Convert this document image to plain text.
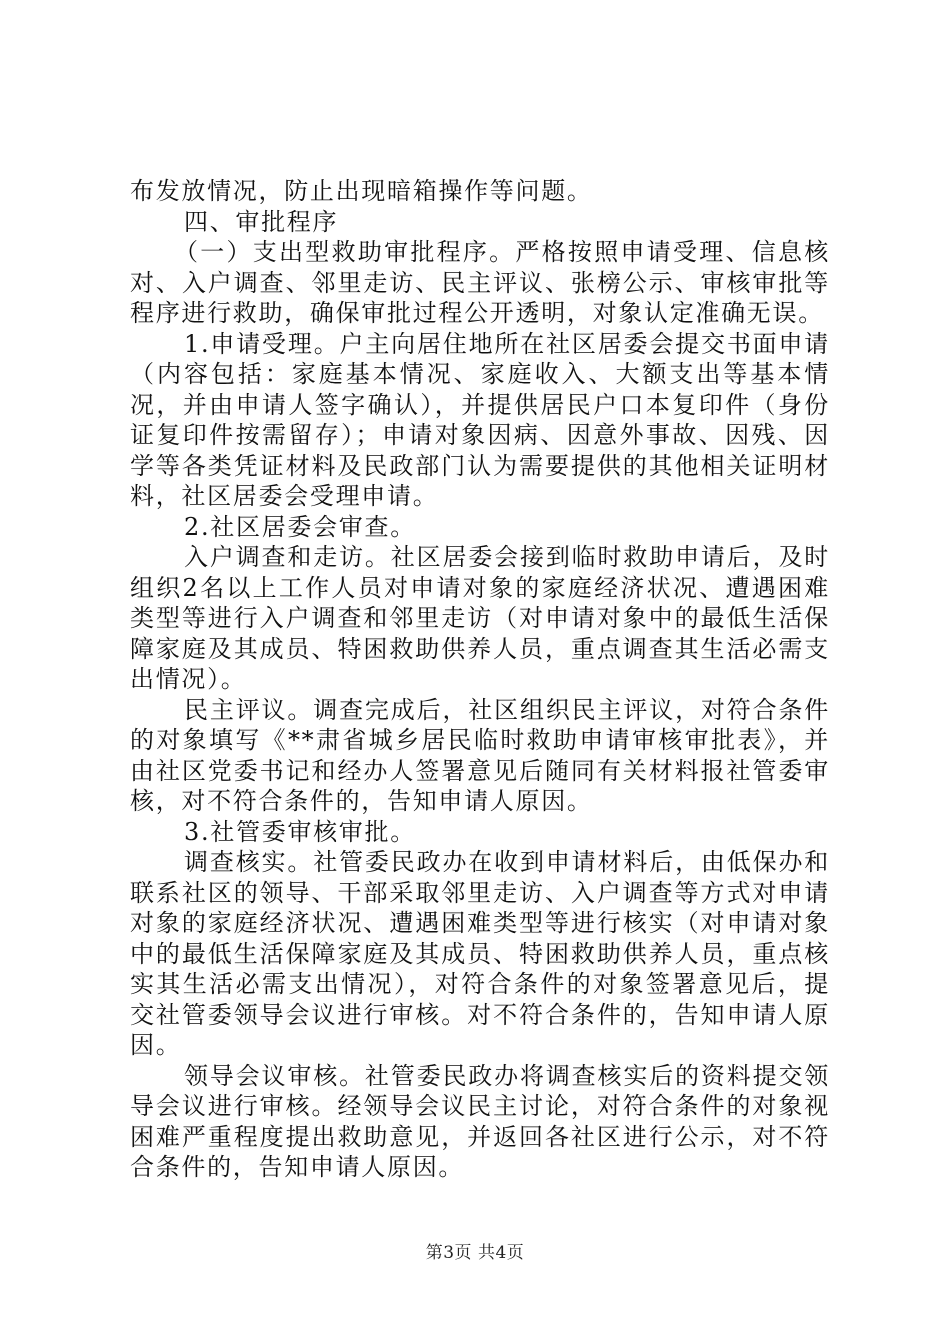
布发放情况，防止出现暗箱操作等问题。

四、审批程序

（一）支出型救助审批程序。严格按照申请受理、信息核对、入户调查、邻里走访、民主评议、张榜公示、审核审批等程序进行救助，确保审批过程公开透明，对象认定准确无误。

1.申请受理。户主向居住地所在社区居委会提交书面申请（内容包括：家庭基本情况、家庭收入、大额支出等基本情况，并由申请人签字确认），并提供居民户口本复印件（身份证复印件按需留存）；申请对象因病、因意外事故、因残、因学等各类凭证材料及民政部门认为需要提供的其他相关证明材料，社区居委会受理申请。

2.社区居委会审查。

入户调查和走访。社区居委会接到临时救助申请后，及时组织2名以上工作人员对申请对象的家庭经济状况、遭遇困难类型等进行入户调查和邻里走访（对申请对象中的最低生活保障家庭及其成员、特困救助供养人员，重点调查其生活必需支出情况）。

民主评议。调查完成后，社区组织民主评议，对符合条件的对象填写《**肃省城乡居民临时救助申请审核审批表》，并由社区党委书记和经办人签署意见后随同有关材料报社管委审核，对不符合条件的，告知申请人原因。

3.社管委审核审批。

调查核实。社管委民政办在收到申请材料后，由低保办和联系社区的领导、干部采取邻里走访、入户调查等方式对申请对象的家庭经济状况、遭遇困难类型等进行核实（对申请对象中的最低生活保障家庭及其成员、特困救助供养人员，重点核实其生活必需支出情况），对符合条件的对象签署意见后，提交社管委领导会议进行审核。对不符合条件的，告知申请人原因。

领导会议审核。社管委民政办将调查核实后的资料提交领导会议进行审核。经领导会议民主讨论，对符合条件的对象视困难严重程度提出救助意见，并返回各社区进行公示，对不符合条件的，告知申请人原因。

第3页 共4页
